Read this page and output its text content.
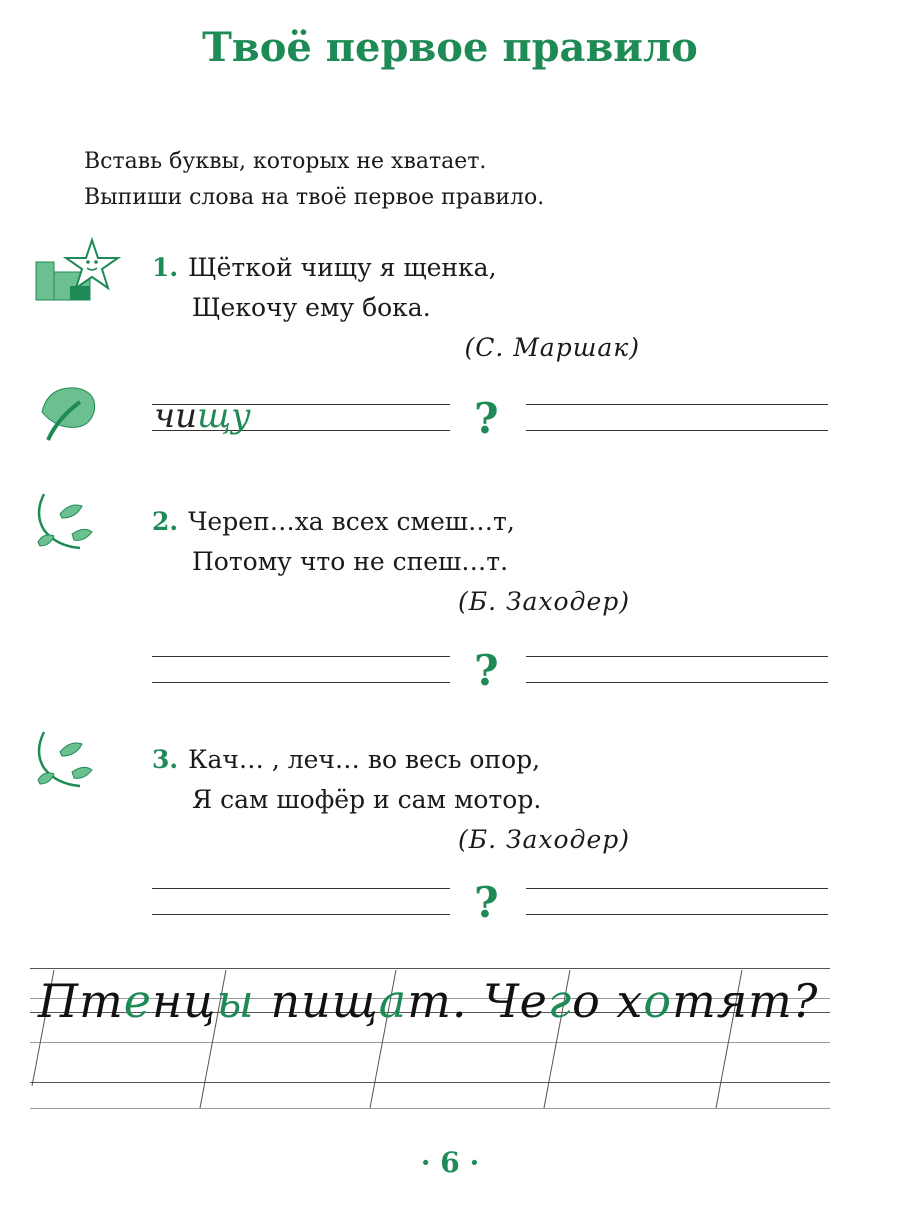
Твоё первое правило
Вставь буквы, которых не хватает.
Выпиши слова на твоё первое правило.
1. Щёткой чищу я щенка,
Щекочу ему бока.
(С. Маршак)
чищу	?
2. Череп…ха всех смеш…т,
Потому что не спеш…т.
(Б. Заходер)
?
3. Кач… , леч… во весь опор,
Я сам шофёр и сам мотор.
(Б. Заходер)
?
Птенцы пищат. Чего хотят?
· 6 ·
